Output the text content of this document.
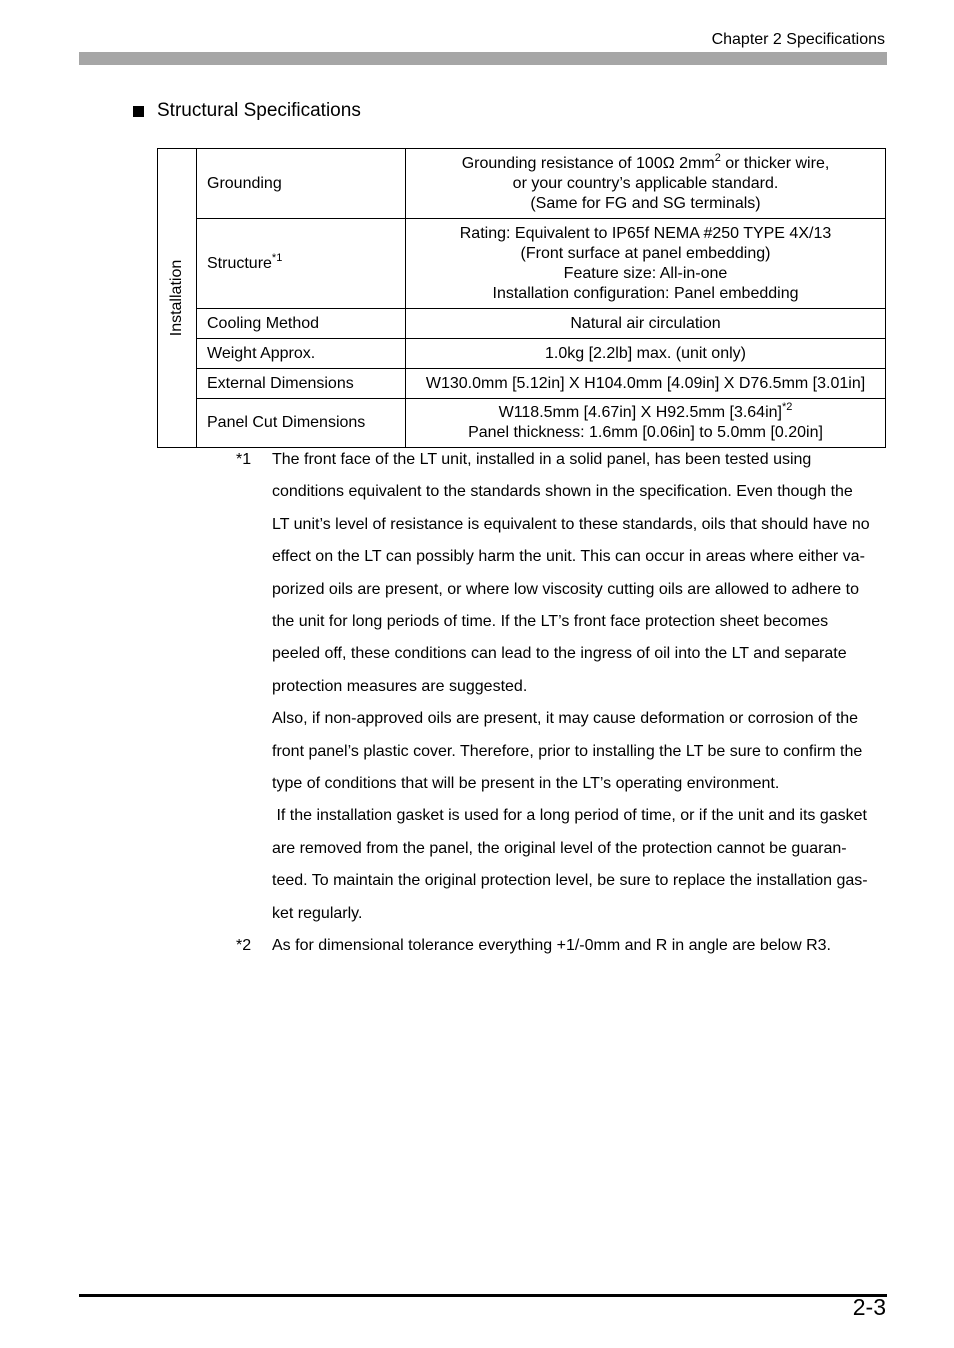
Chapter 2 Specifications
Structural Specifications
Installation	Grounding	Grounding resistance of 100Ω $2mm^2$ or thicker wire,
or your country’s applicable standard.
(Same for FG and SG terminals)

	Structure$^{*1}$	Rating: Equivalent to IP65f NEMA #250 TYPE 4X/13
(Front surface at panel embedding)
Feature size: All-in-one
Installation configuration: Panel embedding

	Cooling Method	Natural air circulation

	Weight Approx.	1.0kg [2.2lb] max. (unit only)

	External Dimensions	W130.0mm [5.12in] X H104.0mm [4.09in] X D76.5mm [3.01in]

	Panel Cut Dimensions	W118.5mm [4.67in] X H92.5mm $[3.64in]^{*2}$
Panel thickness: 1.6mm [0.06in] to 5.0mm [0.20in]
*1	The front face of the LT unit, installed in a solid panel, has been tested using

conditions equivalent to the standards shown in the specification. Even though the

LT unit’s level of resistance is equivalent to these standards, oils that should have no

effect on the LT can possibly harm the unit. This can occur in areas where either va-

porized oils are present, or where low viscosity cutting oils are allowed to adhere to

the unit for long periods of time. If the LT’s front face protection sheet becomes

peeled off, these conditions can lead to the ingress of oil into the LT and separate

protection measures are suggested.

Also, if non-approved oils are present, it may cause deformation or corrosion of the

front panel’s plastic cover. Therefore, prior to installing the LT be sure to confirm the

type of conditions that will be present in the LT’s operating environment.

If the installation gasket is used for a long period of time, or if the unit and its gasket

are removed from the panel, the original level of the protection cannot be guaran-

teed. To maintain the original protection level, be sure to replace the installation gas-

ket regularly.

*2	As for dimensional tolerance everything +1/-0mm and R in angle are below R3.

2-3
